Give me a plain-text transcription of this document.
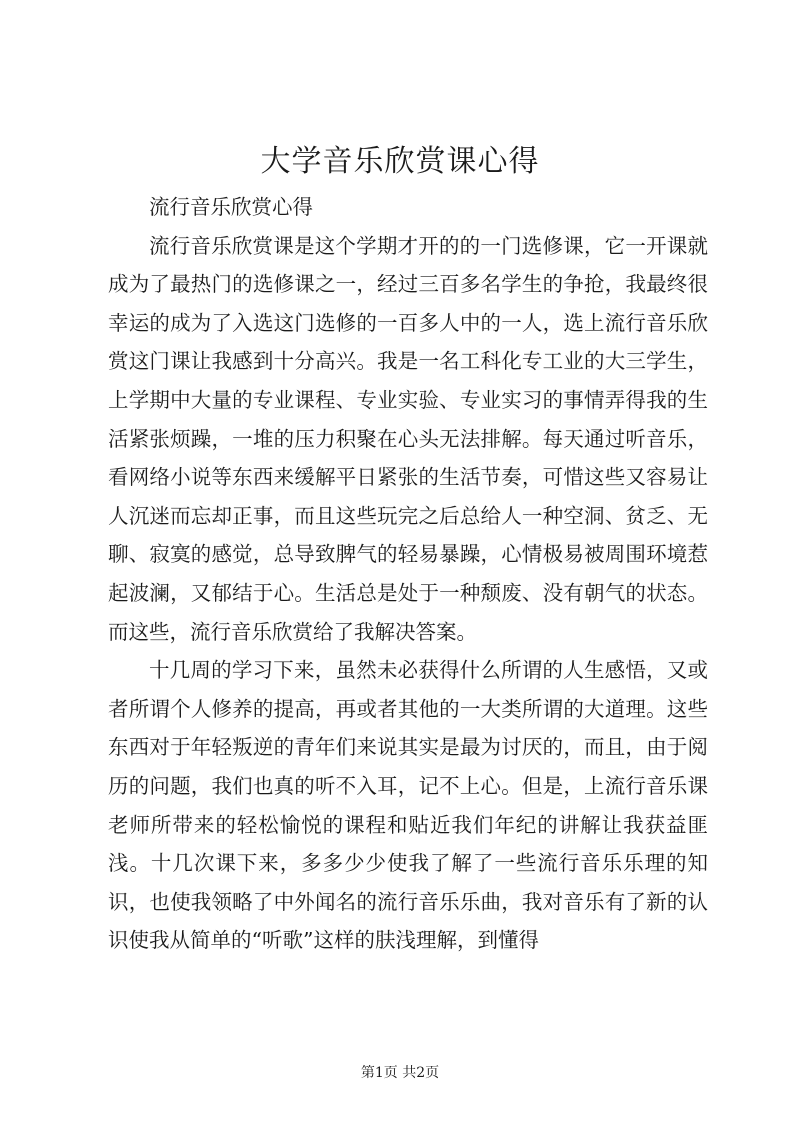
大学音乐欣赏课心得

流行音乐欣赏心得

流行音乐欣赏课是这个学期才开的的一门选修课，它一开课就成为了最热门的选修课之一，经过三百多名学生的争抢，我最终很幸运的成为了入选这门选修的一百多人中的一人，选上流行音乐欣赏这门课让我感到十分高兴。我是一名工科化专工业的大三学生，上学期中大量的专业课程、专业实验、专业实习的事情弄得我的生活紧张烦躁，一堆的压力积聚在心头无法排解。每天通过听音乐，看网络小说等东西来缓解平日紧张的生活节奏，可惜这些又容易让人沉迷而忘却正事，而且这些玩完之后总给人一种空洞、贫乏、无聊、寂寞的感觉，总导致脾气的轻易暴躁，心情极易被周围环境惹起波澜，又郁结于心。生活总是处于一种颓废、没有朝气的状态。而这些，流行音乐欣赏给了我解决答案。

十几周的学习下来，虽然未必获得什么所谓的人生感悟，又或者所谓个人修养的提高，再或者其他的一大类所谓的大道理。这些东西对于年轻叛逆的青年们来说其实是最为讨厌的，而且，由于阅历的问题，我们也真的听不入耳，记不上心。但是，上流行音乐课老师所带来的轻松愉悦的课程和贴近我们年纪的讲解让我获益匪浅。十几次课下来，多多少少使我了解了一些流行音乐乐理的知识，也使我领略了中外闻名的流行音乐乐曲，我对音乐有了新的认识使我从简单的“听歌”这样的肤浅理解，到懂得

第1页 共2页
